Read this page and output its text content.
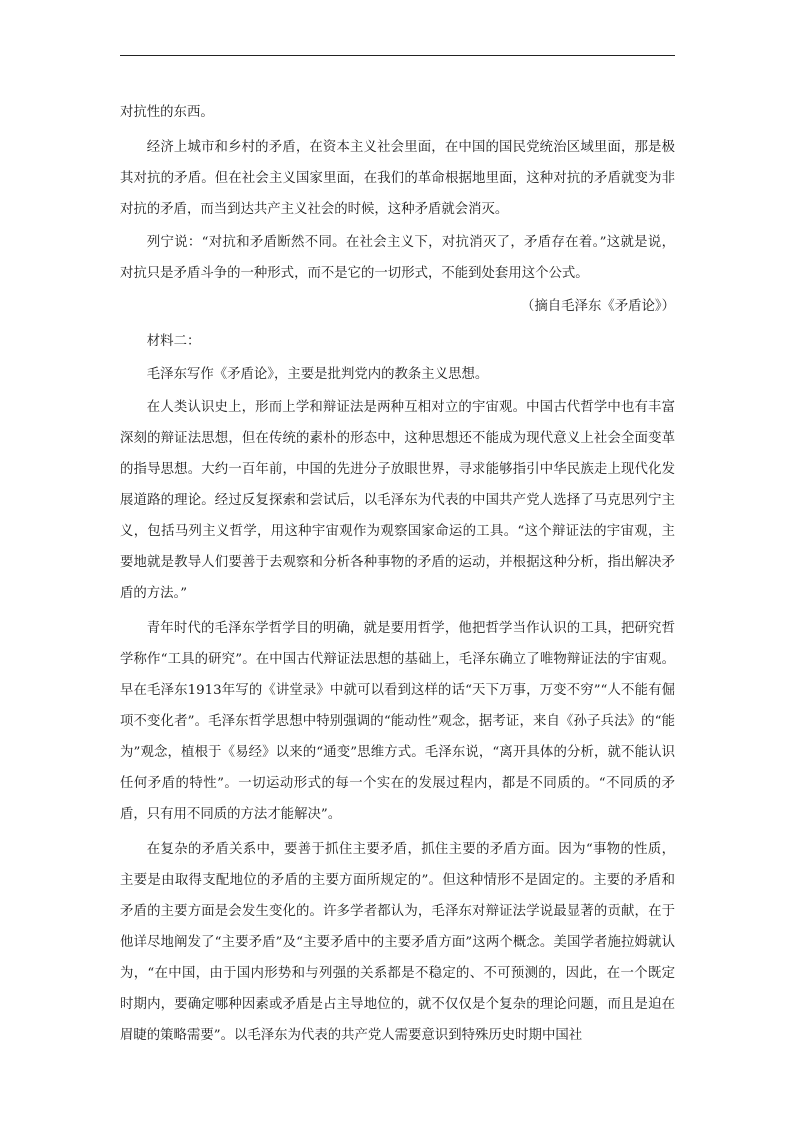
对抗性的东西。

经济上城市和乡村的矛盾，在资本主义社会里面，在中国的国民党统治区域里面，那是极其对抗的矛盾。但在社会主义国家里面，在我们的革命根据地里面，这种对抗的矛盾就变为非对抗的矛盾，而当到达共产主义社会的时候，这种矛盾就会消灭。

列宁说：“对抗和矛盾断然不同。在社会主义下，对抗消灭了，矛盾存在着。”这就是说，对抗只是矛盾斗争的一种形式，而不是它的一切形式，不能到处套用这个公式。

（摘自毛泽东《矛盾论》）

材料二：

毛泽东写作《矛盾论》，主要是批判党内的教条主义思想。

在人类认识史上，形而上学和辩证法是两种互相对立的宇宙观。中国古代哲学中也有丰富深刻的辩证法思想，但在传统的素朴的形态中，这种思想还不能成为现代意义上社会全面变革的指导思想。大约一百年前，中国的先进分子放眼世界，寻求能够指引中华民族走上现代化发展道路的理论。经过反复探索和尝试后，以毛泽东为代表的中国共产党人选择了马克思列宁主义，包括马列主义哲学，用这种宇宙观作为观察国家命运的工具。“这个辩证法的宇宙观，主要地就是教导人们要善于去观察和分析各种事物的矛盾的运动，并根据这种分析，指出解决矛盾的方法。”

青年时代的毛泽东学哲学目的明确，就是要用哲学，他把哲学当作认识的工具，把研究哲学称作“工具的研究”。在中国古代辩证法思想的基础上，毛泽东确立了唯物辩证法的宇宙观。早在毛泽东1913年写的《讲堂录》中就可以看到这样的话“天下万事，万变不穷”“人不能有倔项不变化者”。毛泽东哲学思想中特别强调的“能动性”观念，据考证，来自《孙子兵法》的“能为”观念，植根于《易经》以来的“通变”思维方式。毛泽东说，“离开具体的分析，就不能认识任何矛盾的特性”。一切运动形式的每一个实在的发展过程内，都是不同质的。“不同质的矛盾，只有用不同质的方法才能解决”。

在复杂的矛盾关系中，要善于抓住主要矛盾，抓住主要的矛盾方面。因为“事物的性质，主要是由取得支配地位的矛盾的主要方面所规定的”。但这种情形不是固定的。主要的矛盾和矛盾的主要方面是会发生变化的。许多学者都认为，毛泽东对辩证法学说最显著的贡献，在于他详尽地阐发了“主要矛盾”及“主要矛盾中的主要矛盾方面”这两个概念。美国学者施拉姆就认为，“在中国，由于国内形势和与列强的关系都是不稳定的、不可预测的，因此，在一个既定时期内，要确定哪种因素或矛盾是占主导地位的，就不仅仅是个复杂的理论问题，而且是迫在眉睫的策略需要”。以毛泽东为代表的共产党人需要意识到特殊历史时期中国社
